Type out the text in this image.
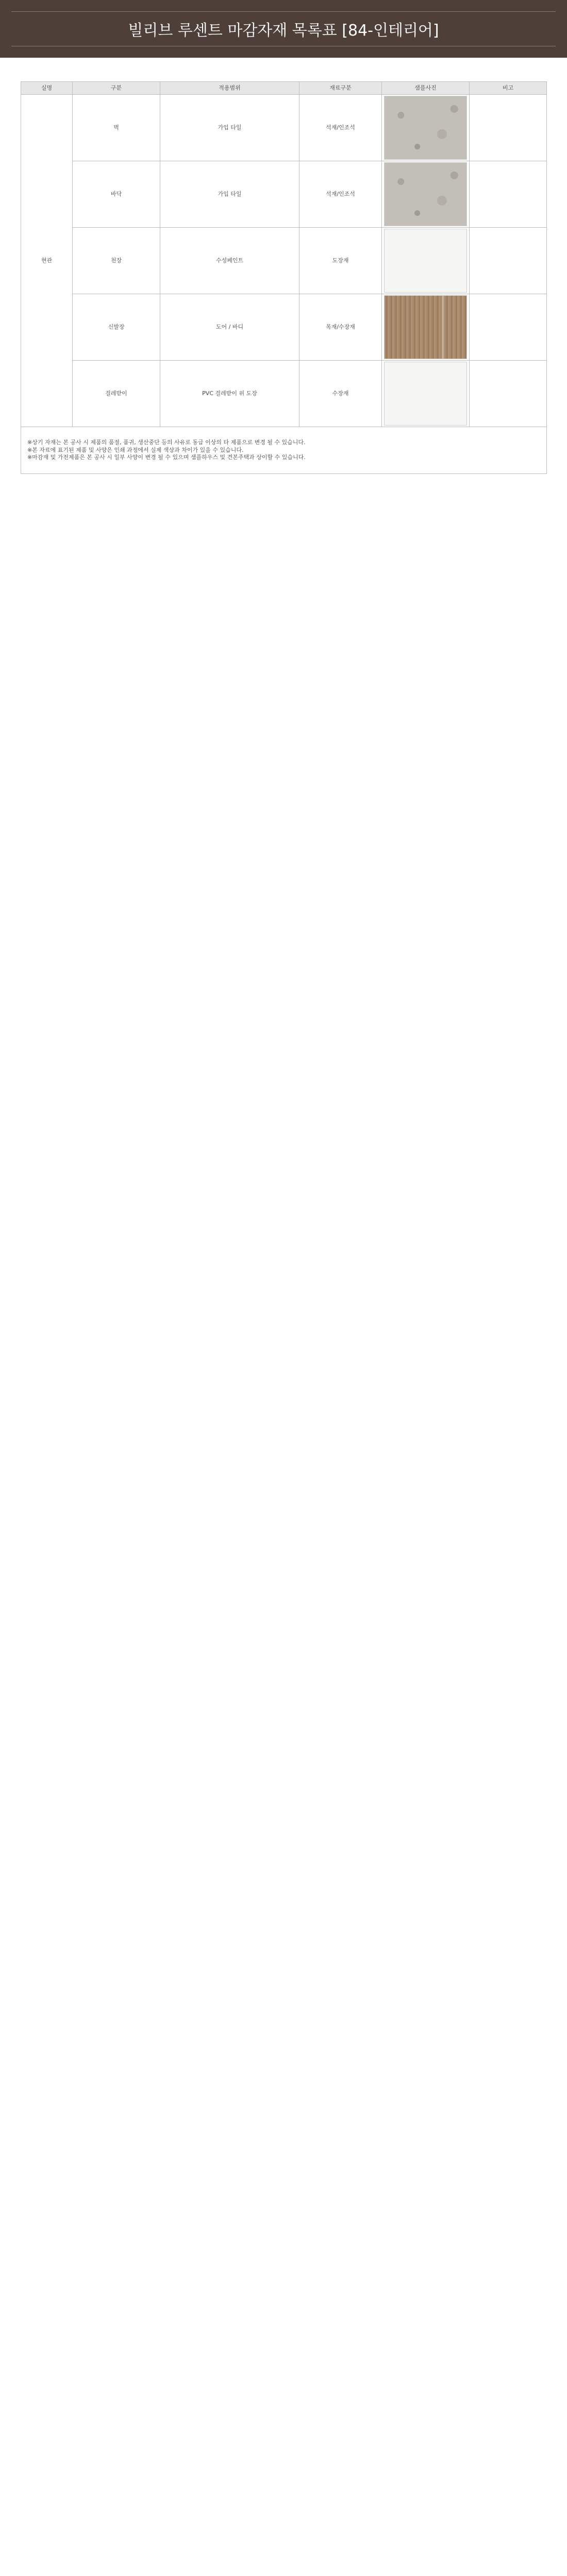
빌리브 루센트 마감자재 목록표 [84-인테리어]
실명	구분	적용범위	재료구분	샘플사진	비고
현관	벽	가입 타일	석재/인조석	

	바닥	가입 타일	석재/인조석	

	천장	수성페인트	도장재	

	신발장	도어 / 바디	목재/수장재	

	걸레받이	PVC 걸레받이 위 도장	수장재	

※상기 자재는 본 공사 시 제품의 품절, 품귀, 생산중단 등의 사유로 동급 이상의 타 제품으로 변경 될 수 있습니다.
※본 자료에 표기된 제품 및 사양은 인쇄 과정에서 실제 색상과 차이가 있을 수 있습니다.
※마감재 및 가전제품은 본 공사 시 일부 사양이 변경 될 수 있으며 샘플하우스 및 견본주택과 상이할 수 있습니다.					
